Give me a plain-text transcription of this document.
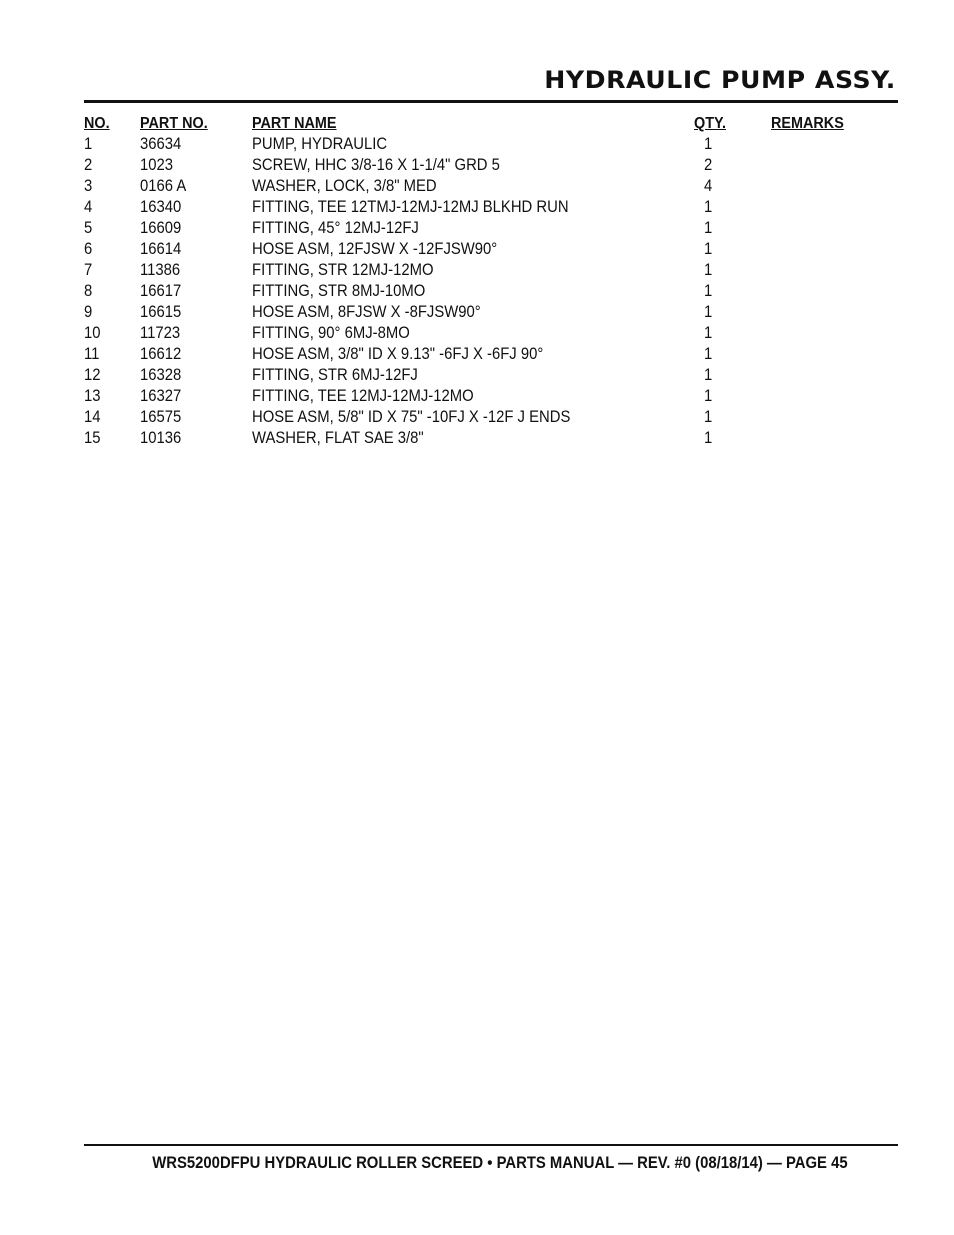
HYDRAULIC PUMP ASSY.
NO. PART NO.	PART NAME	QTY.	REMARKS
1	36634	PUMP, HYDRAULIC	1
2	1023	SCREW, HHC 3/8-16 X 1-1/4" GRD 5	2
3	0166 A	WASHER, LOCK, 3/8" MED	4
4	16340	FITTING, TEE 12TMJ-12MJ-12MJ BLKHD RUN	1
5	16609	FITTING, 45° 12MJ-12FJ	1
6	16614	HOSE ASM, 12FJSW X -12FJSW90°	1
7	11386	FITTING, STR 12MJ-12MO	1
8	16617	FITTING, STR 8MJ-10MO	1
9	16615	HOSE ASM, 8FJSW X -8FJSW90°	1
10 11723	FITTING, 90° 6MJ-8MO	1
11 16612	HOSE ASM, 3/8" ID X 9.13" -6FJ X -6FJ 90°	1
12 16328	FITTING, STR 6MJ-12FJ	1
13 16327	FITTING, TEE 12MJ-12MJ-12MO	1
14 16575	HOSE ASM, 5/8" ID X 75" -10FJ X -12F J ENDS	1
15 10136	WASHER, FLAT SAE 3/8"	1
WRS5200DFPU HYDRAULIC ROLLER SCREED • PARTS MANUAL — REV. #0 (08/18/14) — PAGE 45
